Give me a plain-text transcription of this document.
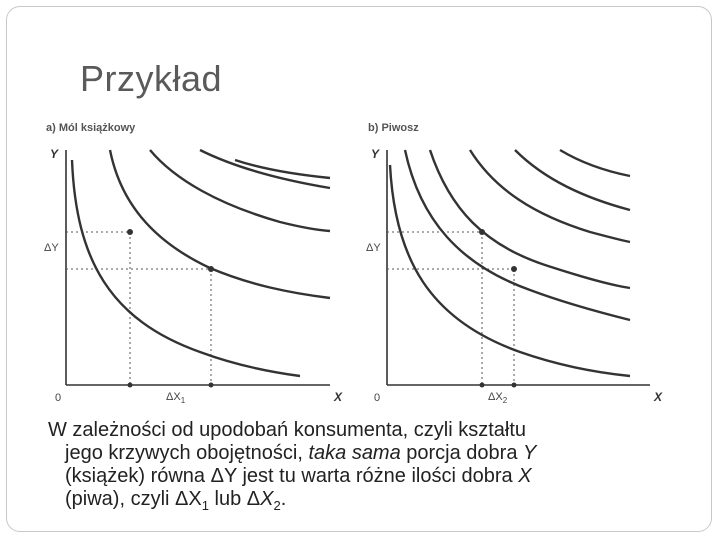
Przykład
a) Mól książkowy
Y
ΔY
0	X
$\Delta X_1$
b) Piwosz
Y
ΔY
0	X
$\Delta X_2$
W zależności od upodobań konsumenta, czyli kształtu
jego krzywych obojętności, taka sama porcja dobra Y
(książek) równa ΔY jest tu warta różne ilości dobra X
(piwa), czyli $\Delta X_1$ lub $\Delta X_2$.
